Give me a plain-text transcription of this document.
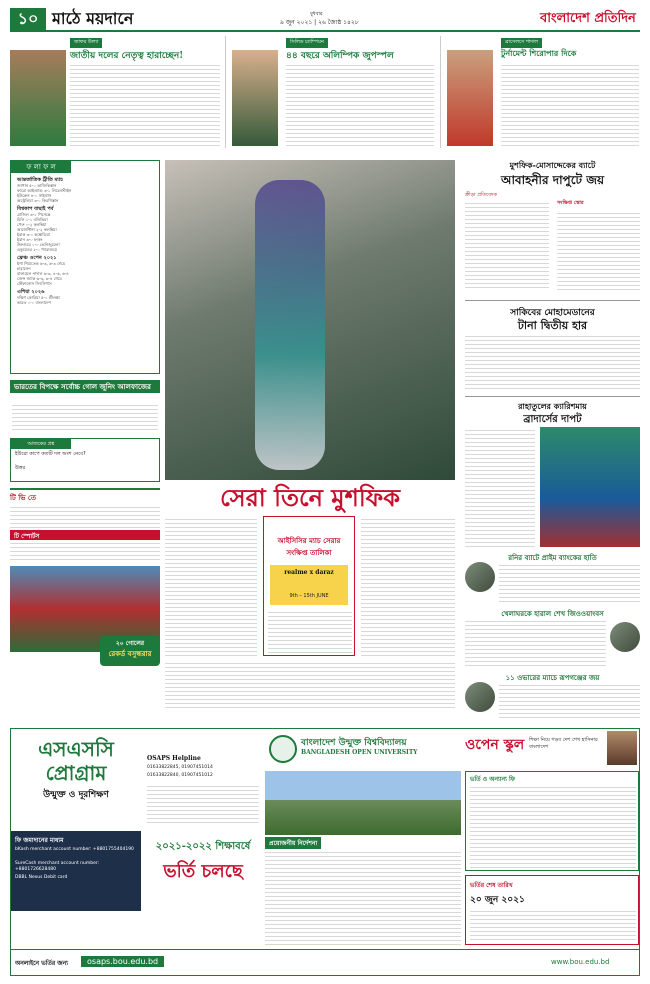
১০ মাঠে ময়দানে	বুধবার
৯ জুন ২০২১ | ২৬ জ্যৈষ্ঠ ১৪২৮	বাংলাদেশ প্রতিদিন
জাফর উল্যা
জাতীয় দলের নেতৃত্ব হারাচ্ছেন!
সিলিড চ্যাম্পিয়ন
৪৪ বছরে অলিম্পিক জুপস্পল
ব্রাসেলসে শাদাল
টুর্নামেন্ট শিরোপার দিকে
ফ লা ফ ল
আন্তর্জাতিক ট্রীতি ম্যাচ
জাপান ৫-০ তাজিকিস্তান
ফারো আইল্যান্ড ৩-১ লিচেনস্টাইন
ইউক্রেন ৪-০ সাইপ্রাস
অস্ট্রেলিয়া ৩-০ কিরগিস্তান
বিশ্বকাপ বাছাই পর্ব
ব্রাজিল ৩-১ পিসেন্তে
চিলি ১-১ বলিভিয়া
পেরু ০-২ কলম্বিয়া
আর্জেন্টিনা ২-২ কলম্বিয়া
ইরাক ৩-০ কম্বোডিয়া
ইরান ৩-০ হংকং
উরুগুয়ে ০-০ ভেনিজুয়েলা
একুয়েডর ২-০ প্যারাগুয়ে
ফ্রেঞ্চ ওপেন ২০২১
ইগা শিয়াতেক ৬-৩, ৬-৩ গেমে
হারালেন
রাফায়েল নাদাল ৬-৩, ৪-৬, ৬-৪
জেন্স জ্যাক ৬-৩, ৬-৪ গেমে
স্টেফানোস সিৎসিপাস
এশিয়া ২০২৬
দক্ষিণ কোরিয়া ৫-০ শ্রীলঙ্কা
ভারত ০-০ বাংলাদেশ
ভারতের বিপক্ষে সর্বোচ্চ গোল জুনিং আলফাজের
আজকের প্রশ্ন
ইউরো কাপে কতটি দল অংশ নেবে?
উত্তর
টি ভি তে
টি স্পোর্টস
সেরা তিনে মুশফিক
মুশফিক-মোসাদ্দেকের ব্যাটে
আবাহনীর দাপুটে জয়
ক্রীড়া প্রতিবেদক
সংক্ষিপ্ত স্কোর
সাকিবের মোহামেডানের
টানা দ্বিতীয় হার
রাহাতুলের ক্যারিশমায়
ব্রাদার্সের দাপট
আইসিসির ম্যাচ সেরার
সংক্ষিপ্ত তালিকা
realme x daraz
9th – 15th JUNE
২০ গোলের
রেকর্ড বসুন্ধরার
রনির ব্যাটে প্রাইম ব্যাংকের হাতি
খেলাঘরকে হারাল শেখ জিওওয়াংবস
১১ ওভারের ম্যাচে রূপগঞ্জের জয়
এসএসসি
প্রোগ্রাম
উন্মুক্ত ও দূরশিক্ষণ
OSAPS Helpline
01633822845, 01907451014
01633822840, 01907451012
বাংলাদেশ উন্মুক্ত বিশ্ববিদ্যালয়
BANGLADESH OPEN UNIVERSITY	ওপেন স্কুল শিক্ষা নিয়ে গড়ব দেশ শেখ হাসিনার বাংলাদেশ
ভর্তি ও অন্যান্য ফি
ফি জমাদানের মাধ্যম
bKash merchant account number: +8801755404190
SureCash merchant account number: +8801726628480
DBBL Nexus Debit card
২০২১-২০২২ শিক্ষাবর্ষে
ভর্তি চলছে
প্রয়োজনীয় নির্দেশনা
ভর্তির শেষ তারিখ
২০ জুন ২০২১
অনলাইনে ভর্তির জন্য	osaps.bou.edu.bd	www.bou.edu.bd
